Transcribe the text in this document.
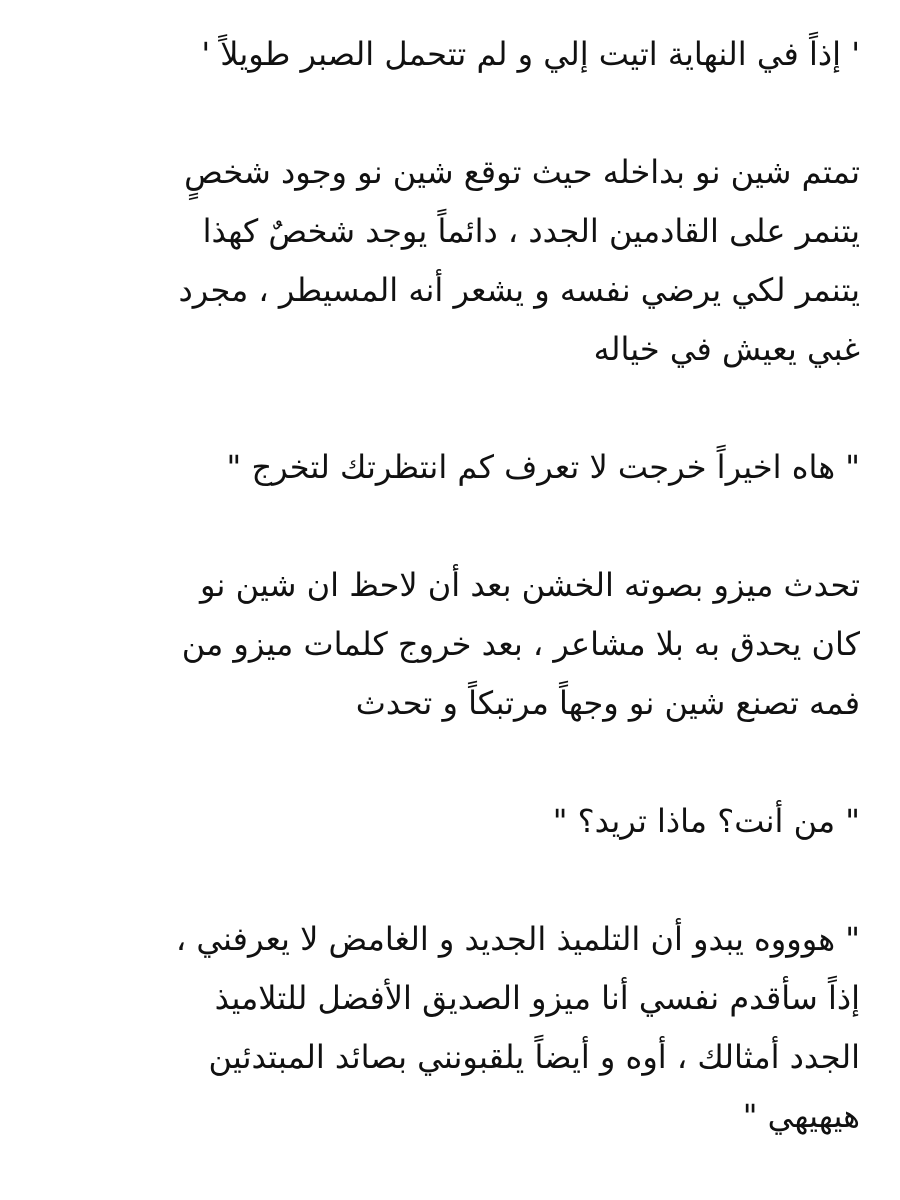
' إذاً في النهاية اتيت إلي و لم تتحمل الصبر طويلاً '

تمتم شين نو بداخله حيث توقع شين نو وجود شخصٍ
يتنمر على القادمين الجدد ، دائماً يوجد شخصٌ كهذا
يتنمر لكي يرضي نفسه و يشعر أنه المسيطر ، مجرد
غبي يعيش في خياله

" هاه اخيراً خرجت لا تعرف كم انتظرتك لتخرج "

تحدث ميزو بصوته الخشن بعد أن لاحظ ان شين نو
كان يحدق به بلا مشاعر ، بعد خروج كلمات ميزو من
فمه تصنع شين نو وجهاً مرتبكاً و تحدث

" من أنت؟ ماذا تريد؟ "

" هوووه يبدو أن التلميذ الجديد و الغامض لا يعرفني ،
إذاً سأقدم نفسي أنا ميزو الصديق الأفضل للتلاميذ
الجدد أمثالك ، أوه و أيضاً يلقبونني بصائد المبتدئين
هيهيهي "
